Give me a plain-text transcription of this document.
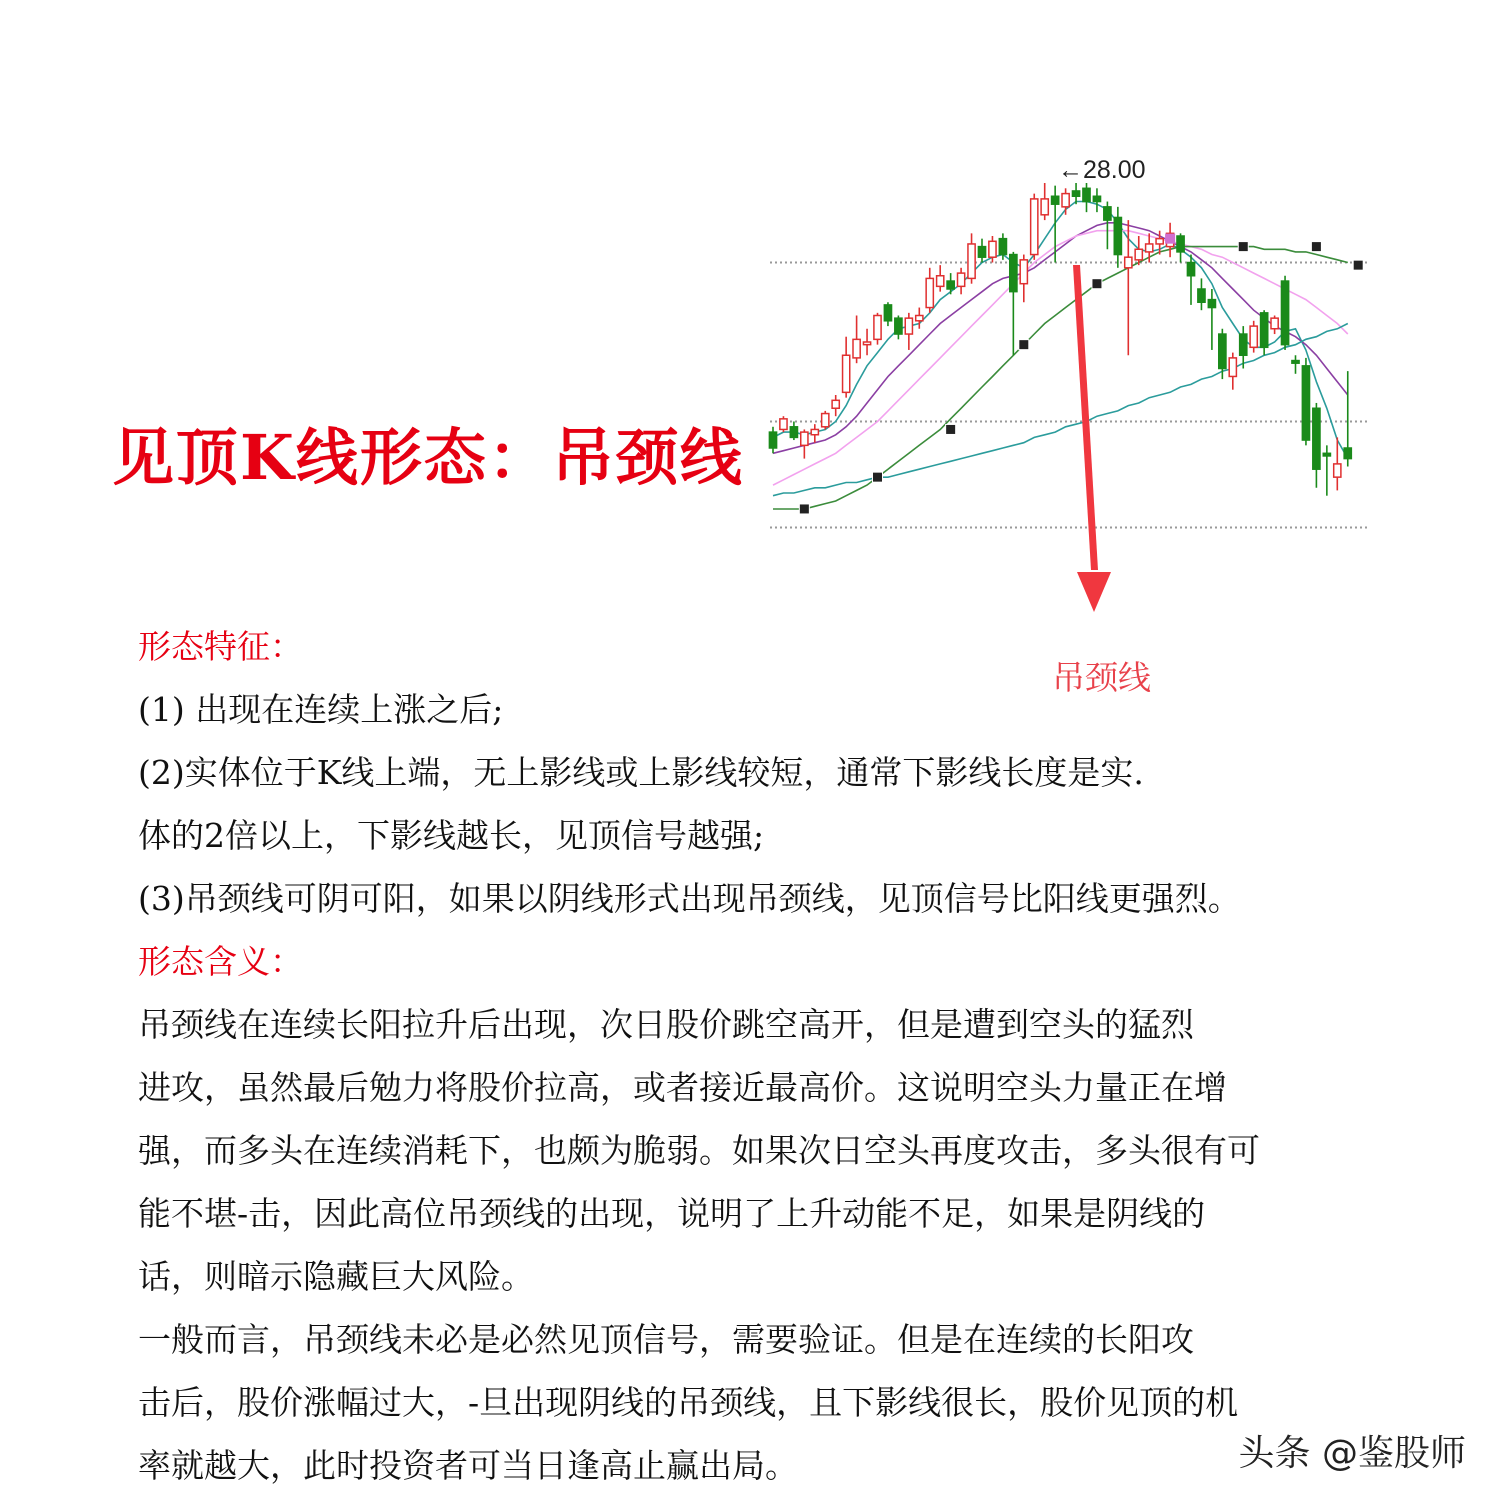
见顶K线形态：吊颈线
←28.00
吊颈线
形态特征：
(1) 出现在连续上涨之后;
(2)实体位于K线上端，无上影线或上影线较短，通常下影线长度是实.
体的2倍以上，下影线越长，见顶信号越强;
(3)吊颈线可阴可阳，如果以阴线形式出现吊颈线，见顶信号比阳线更强烈。
形态含义：
吊颈线在连续长阳拉升后出现，次日股价跳空高开，但是遭到空头的猛烈
进攻，虽然最后勉力将股价拉高，或者接近最高价。这说明空头力量正在增
强，而多头在连续消耗下，也颇为脆弱。如果次日空头再度攻击，多头很有可
能不堪-击，因此高位吊颈线的出现，说明了上升动能不足，如果是阴线的
话，则暗示隐藏巨大风险。
一般而言，吊颈线未必是必然见顶信号，需要验证。但是在连续的长阳攻
击后，股价涨幅过大，-旦出现阴线的吊颈线，且下影线很长，股价见顶的机
率就越大，此时投资者可当日逢高止赢出局。	头条 @鉴股师
